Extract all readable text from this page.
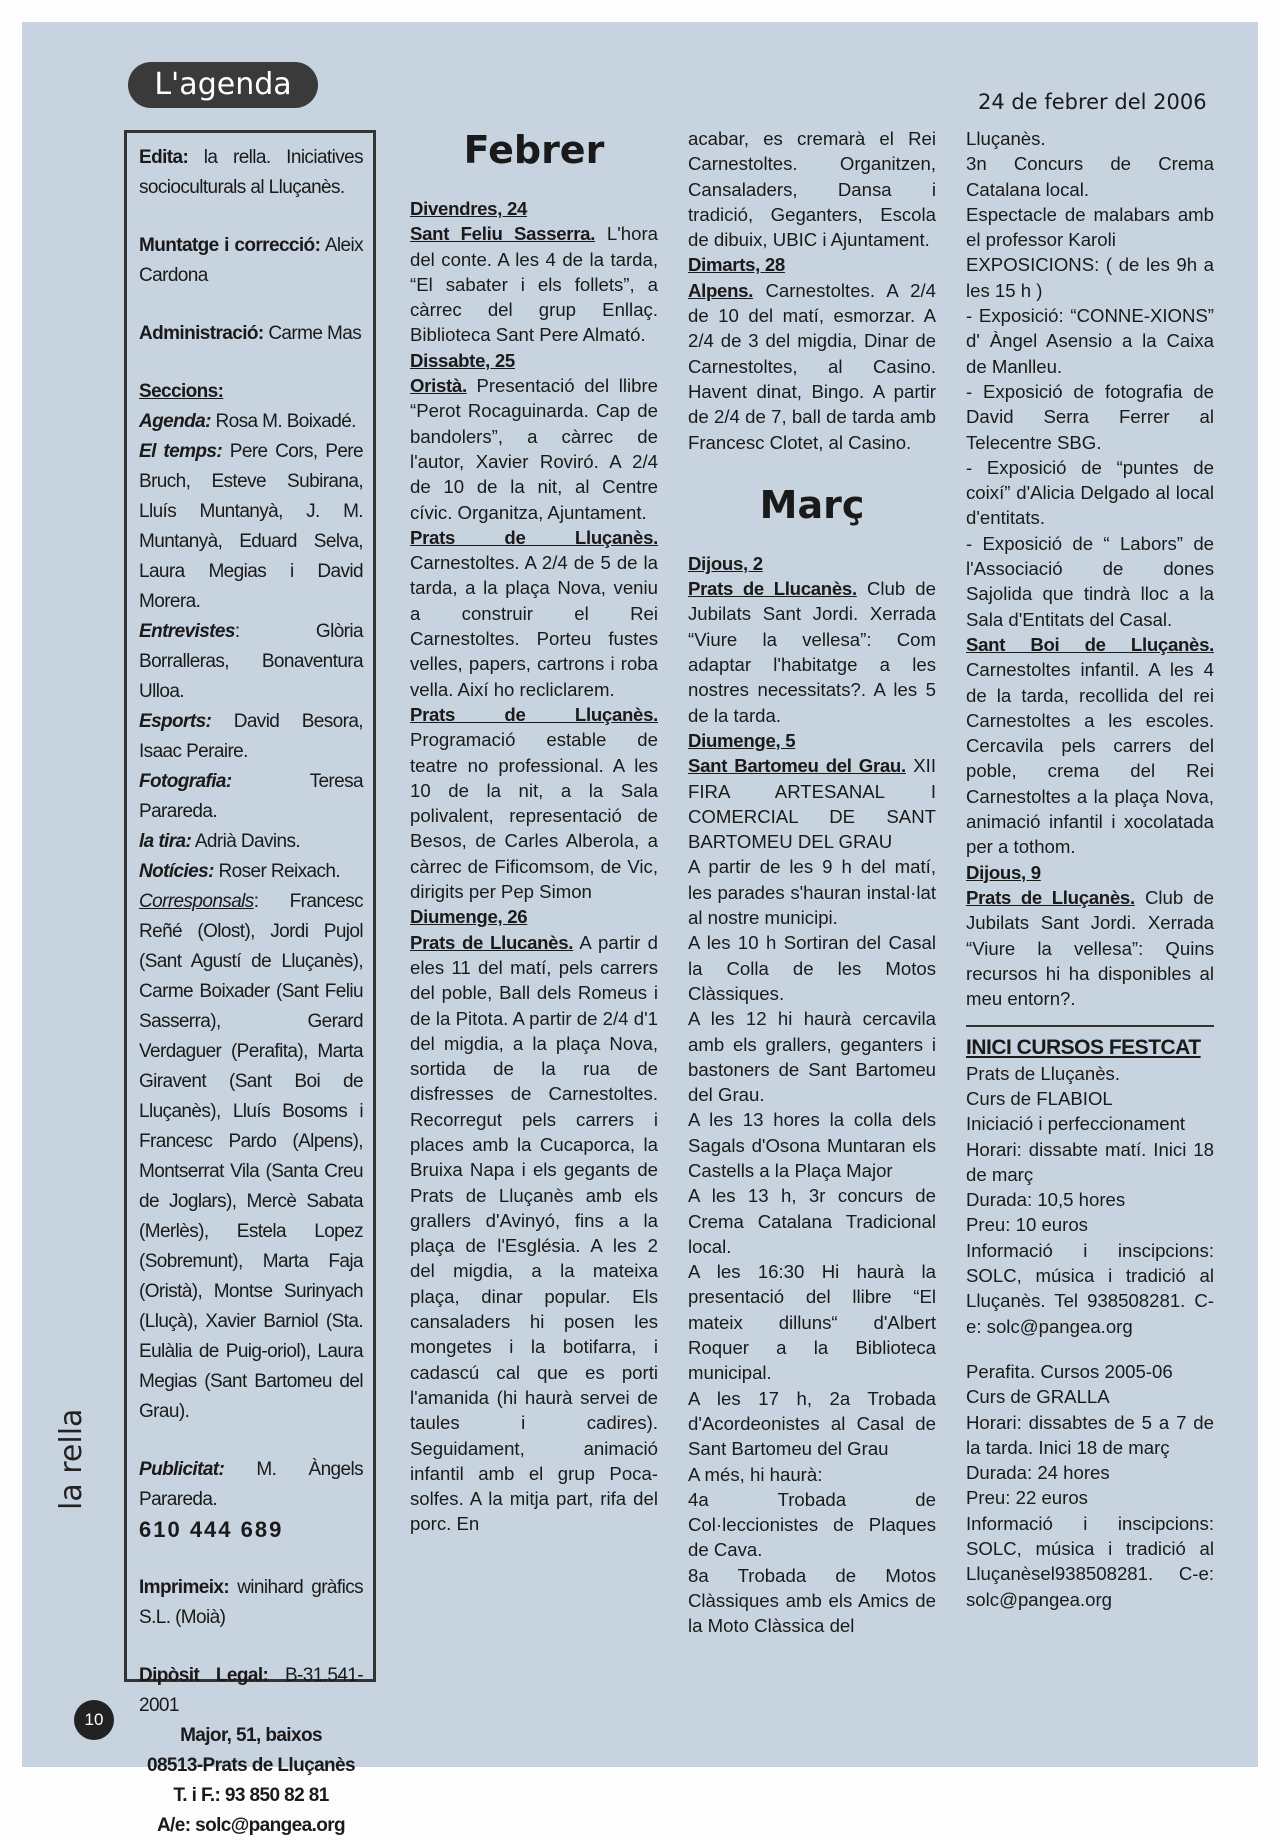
L'agenda	24 de febrer del 2006

Edita: la rella. Iniciatives socioculturals al Lluçanès.

Muntatge i correcció: Aleix Cardona

Administració: Carme Mas

Seccions:

Agenda: Rosa M. Boixadé.

El temps: Pere Cors, Pere Bruch, Esteve Subirana, Lluís Muntanyà, J. M. Muntanyà, Eduard Selva, Laura Megias i David Morera.

Entrevistes: Glòria Borralleras, Bonaventura Ulloa.

Esports: David Besora, Isaac Peraire.

Fotografia:	Teresa Parareda.

la tira: Adrià Davins.

Notícies: Roser Reixach.

Corresponsals: Francesc Reñé (Olost), Jordi Pujol (Sant Agustí de Lluçanès), Carme Boixader (Sant Feliu Sasserra), Gerard Verdaguer (Perafita), Marta Giravent (Sant Boi de Lluçanès), Lluís Bosoms i Francesc Pardo (Alpens), Montserrat Vila (Santa Creu de Joglars), Mercè Sabata (Merlès), Estela Lopez (Sobremunt), Marta Faja (Oristà), Montse Surinyach (Lluçà), Xavier Barniol (Sta. Eulàlia de Puig-oriol), Laura Megias (Sant Bartomeu del Grau).

Publicitat: M. Àngels Parareda.

610 444 689

Imprimeix: winihard gràfics S.L. (Moià)

Dipòsit Legal: B-31.541-2001

Major, 51, baixos

08513-Prats de Lluçanès

T. i F.: 93 850 82 81

A/e: solc@pangea.org

Febrer

Divendres, 24

Sant Feliu Sasserra. L'hora del conte. A les 4 de la tarda, “El sabater i els follets”, a càrrec del grup Enllaç. Biblioteca Sant Pere Almató.

Dissabte, 25

Oristà. Presentació del llibre “Perot Rocaguinarda. Cap de bandolers”, a càrrec de l'autor, Xavier Roviró. A 2/4 de 10 de la nit, al Centre cívic. Organitza, Ajuntament.

Prats de Lluçanès. Carnestoltes. A 2/4 de 5 de la tarda, a la plaça Nova, veniu a construir el Rei Carnestoltes. Porteu fustes velles, papers, cartrons i roba vella. Així ho recliclarem.

Prats de Lluçanès. Programació estable de teatre no professional. A les 10 de la nit, a la Sala polivalent, representació de Besos, de Carles Alberola, a càrrec de Fificomsom, de Vic, dirigits per Pep Simon

Diumenge, 26

Prats de Llucanès. A partir d eles 11 del matí, pels carrers del poble, Ball dels Romeus i de la Pitota. A partir de 2/4 d'1 del migdia, a la plaça Nova, sortida de la rua de disfresses de Carnestoltes. Recorregut pels carrers i places amb la Cucaporca, la Bruixa Napa i els gegants de Prats de Lluçanès amb els grallers d'Avinyó, fins a la plaça de l'Església. A les 2 del migdia, a la mateixa plaça, dinar popular. Els cansaladers hi posen les mongetes i la botifarra, i cadascú cal que es porti l'amanida (hi haurà servei de taules i cadires). Seguidament, animació infantil amb el grup Poca-solfes. A la mitja part, rifa del porc. En

acabar, es cremarà el Rei Carnestoltes. Organitzen, Cansaladers, Dansa i tradició, Geganters, Escola de dibuix, UBIC i Ajuntament.

Dimarts, 28

Alpens. Carnestoltes. A 2/4 de 10 del matí, esmorzar. A 2/4 de 3 del migdia, Dinar de Carnestoltes, al Casino. Havent dinat, Bingo. A partir de 2/4 de 7, ball de tarda amb Francesc Clotet, al Casino.

Març

Dijous, 2

Prats de Llucanès. Club de Jubilats Sant Jordi. Xerrada “Viure la vellesa”: Com adaptar l'habitatge a les nostres necessitats?. A les 5 de la tarda.

Diumenge, 5

Sant Bartomeu del Grau. XII FIRA ARTESANAL I COMERCIAL DE SANT BARTOMEU DEL GRAU

A partir de les 9 h del matí, les parades s'hauran instal·lat al nostre municipi.

A les 10 h Sortiran del Casal la Colla de les Motos Clàssiques.

A les 12 hi haurà cercavila amb els grallers, geganters i bastoners de Sant Bartomeu del Grau.

A les 13 hores la colla dels Sagals d'Osona Muntaran els Castells a la Plaça Major

A les 13 h, 3r concurs de Crema Catalana Tradicional local.

A les 16:30 Hi haurà la presentació del llibre “El mateix dilluns“ d'Albert Roquer a la Biblioteca municipal.

A les 17 h, 2a Trobada d'Acordeonistes al Casal de Sant Bartomeu del Grau

A més, hi haurà:

4a Trobada de Col·leccionistes de Plaques de Cava.

8a Trobada de Motos Clàssiques amb els Amics de la Moto Clàssica del

Lluçanès.

3n Concurs de Crema Catalana local.

Espectacle de malabars amb el professor Karoli

EXPOSICIONS: ( de les 9h a les 15 h )

- Exposició: “CONNE-XIONS” d' Àngel Asensio a la Caixa de Manlleu.

- Exposició de fotografia de David Serra Ferrer al Telecentre SBG.

- Exposició de “puntes de coixí” d'Alicia Delgado al local d'entitats.

- Exposició de “ Labors” de l'Associació de dones Sajolida que tindrà lloc a la Sala d'Entitats del Casal.

Sant Boi de Lluçanès. Carnestoltes infantil. A les 4 de la tarda, recollida del rei Carnestoltes a les escoles. Cercavila pels carrers del poble, crema del Rei Carnestoltes a la plaça Nova, animació infantil i xocolatada per a tothom.

Dijous, 9

Prats de Lluçanès. Club de Jubilats Sant Jordi. Xerrada “Viure la vellesa”: Quins recursos hi ha disponibles al meu entorn?.

INICI CURSOS FESTCAT

Prats de Lluçanès.

Curs de FLABIOL

Iniciació i perfeccionament

Horari: dissabte matí. Inici 18 de març

Durada: 10,5 hores

Preu: 10 euros

Informació i inscipcions: SOLC, música i tradició al Lluçanès. Tel 938508281. C-e: solc@pangea.org

Perafita. Cursos 2005-06

Curs de GRALLA

Horari: dissabtes de 5 a 7 de la tarda. Inici 18 de març

Durada: 24 hores

Preu: 22 euros

Informació i inscipcions: SOLC, música i tradició al Lluçanèsel938508281. C-e: solc@pangea.org

la rella
10
